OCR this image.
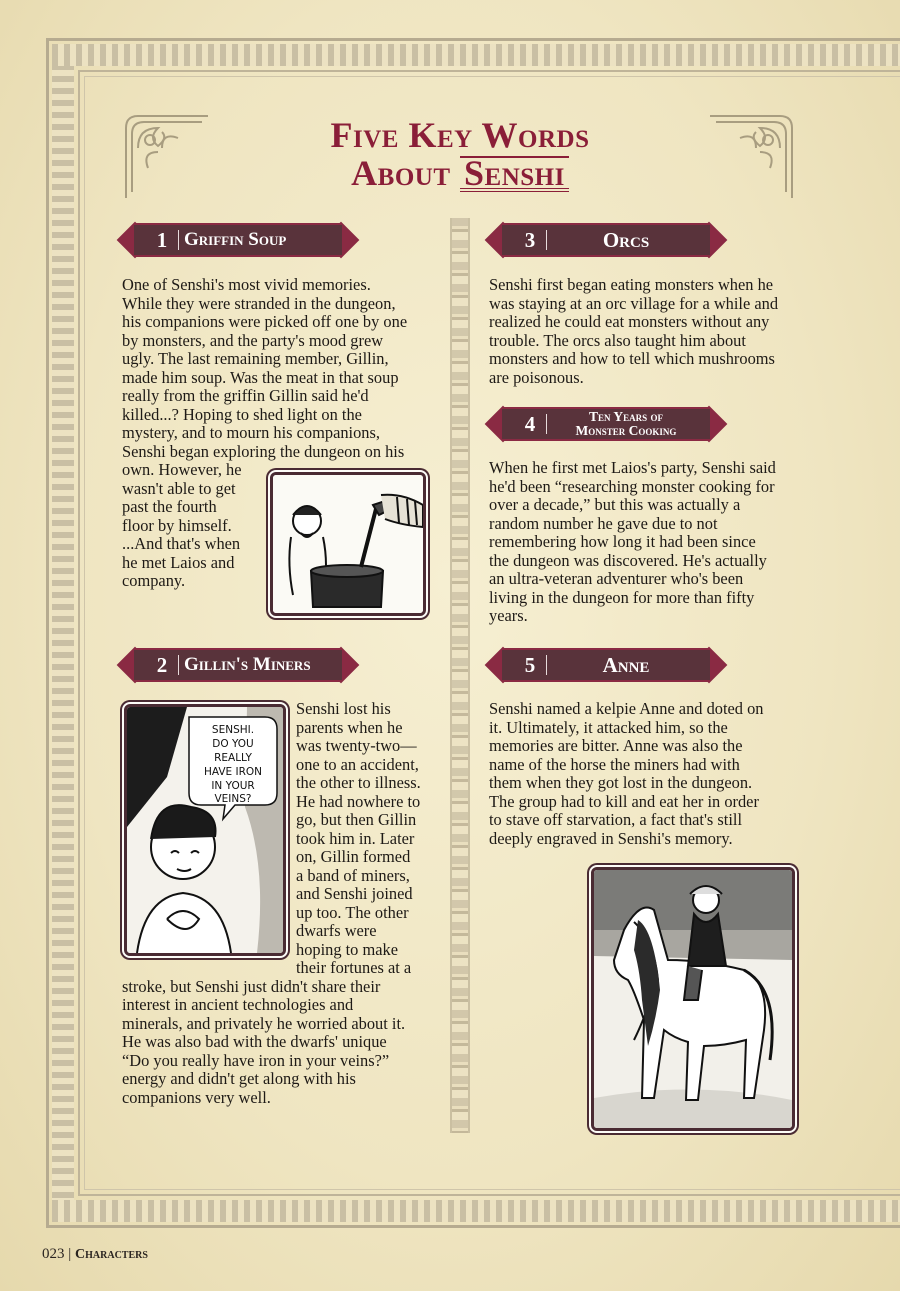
Five Key Words
About Senshi
1 Griffin Soup

One of Senshi's most vivid memories.

While they were stranded in the dungeon,

his companions were picked off one by one

by monsters, and the party's mood grew

ugly. The last remaining member, Gillin,

made him soup. Was the meat in that soup

really from the griffin Gillin said he'd

killed...? Hoping to shed light on the

mystery, and to mourn his companions,

Senshi began exploring the dungeon on his

own. However, he

wasn't able to get

past the fourth

floor by himself.

...And that's when

he met Laios and

company.

2 Gillin's Miners
SENSHI.
DO YOU
REALLY
HAVE IRON
IN YOUR
VEINS?

Senshi lost his

parents when he

was twenty-two—

one to an accident,

the other to illness.

He had nowhere to

go, but then Gillin

took him in. Later

on, Gillin formed

a band of miners,

and Senshi joined

up too. The other

dwarfs were

hoping to make

their fortunes at a

stroke, but Senshi just didn't share their

interest in ancient technologies and

minerals, and privately he worried about it.

He was also bad with the dwarfs' unique

“Do you really have iron in your veins?”

energy and didn't get along with his

companions very well.

3	Orcs

Senshi first began eating monsters when he

was staying at an orc village for a while and

realized he could eat monsters without any

trouble. The orcs also taught him about

monsters and how to tell which mushrooms

are poisonous.

4	Ten Years of
Monster Cooking

When he first met Laios's party, Senshi said

he'd been “researching monster cooking for

over a decade,” but this was actually a

random number he gave due to not

remembering how long it had been since

the dungeon was discovered. He's actually

an ultra-veteran adventurer who's been

living in the dungeon for more than fifty

years.

5	Anne

Senshi named a kelpie Anne and doted on

it. Ultimately, it attacked him, so the

memories are bitter. Anne was also the

name of the horse the miners had with

them when they got lost in the dungeon.

The group had to kill and eat her in order

to stave off starvation, a fact that's still

deeply engraved in Senshi's memory.

023 | Characters
